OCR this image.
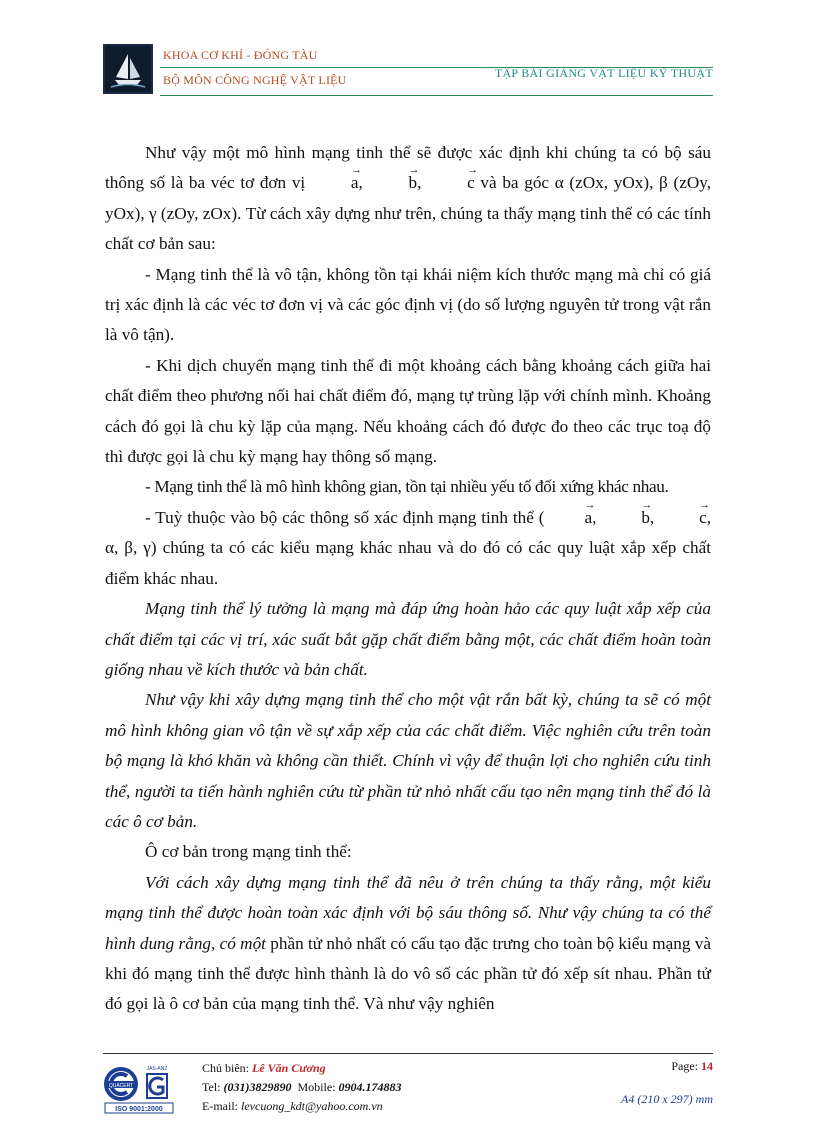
KHOA CƠ KHÍ - ĐÓNG TÀU
BỘ MÔN CÔNG NGHỆ VẬT LIỆU	TẬP BÀI GIẢNG VẬT LIỆU KỸ THUẬT

Như vậy một mô hình mạng tinh thể sẽ được xác định khi chúng ta có bộ sáu thông số là ba véc tơ đơn vị → a, → b, → c và ba góc α (zOx, yOx), β (zOy, yOx), γ (zOy, zOx). Từ cách xây dựng như trên, chúng ta thấy mạng tinh thể có các tính chất cơ bản sau:

- Mạng tinh thể là vô tận, không tồn tại khái niệm kích thước mạng mà chỉ có giá trị xác định là các véc tơ đơn vị và các góc định vị (do số lượng nguyên tử trong vật rắn là vô tận).

- Khi dịch chuyển mạng tinh thể đi một khoảng cách bằng khoảng cách giữa hai chất điểm theo phương nối hai chất điểm đó, mạng tự trùng lặp với chính mình. Khoảng cách đó gọi là chu kỳ lặp của mạng. Nếu khoảng cách đó được đo theo các trục toạ độ thì được gọi là chu kỳ mạng hay thông số mạng.

- Mạng tinh thể là mô hình không gian, tồn tại nhiều yếu tố đối xứng khác nhau.

- Tuỳ thuộc vào bộ các thông số xác định mạng tinh thể (→ a, → b, → c, α, β, γ) chúng ta có các kiểu mạng khác nhau và do đó có các quy luật xắp xếp chất điểm khác nhau.

Mạng tinh thể lý tưởng là mạng mà đáp ứng hoàn hảo các quy luật xắp xếp của chất điểm tại các vị trí, xác suất bắt gặp chất điểm bằng một, các chất điểm hoàn toàn giống nhau về kích thước và bản chất.

Như vậy khi xây dựng mạng tinh thể cho một vật rắn bất kỳ, chúng ta sẽ có một mô hình không gian vô tận về sự xắp xếp của các chất điểm. Việc nghiên cứu trên toàn bộ mạng là khó khăn và không cần thiết. Chính vì vậy để thuận lợi cho nghiên cứu tinh thể, người ta tiến hành nghiên cứu từ phần tử nhỏ nhất cấu tạo nên mạng tinh thể đó là các ô cơ bản.

Ô cơ bản trong mạng tinh thể:

Với cách xây dựng mạng tinh thể đã nêu ở trên chúng ta thấy rằng, một kiểu mạng tinh thể được hoàn toàn xác định với bộ sáu thông số. Như vậy chúng ta có thể hình dung rằng, có một phần tử nhỏ nhất có cấu tạo đặc trưng cho toàn bộ kiểu mạng và khi đó mạng tinh thể được hình thành là do vô số các phần tử đó xếp sít nhau. Phần tử đó gọi là ô cơ bản của mạng tinh thể. Và như vậy nghiên

QUACERT
JAS-ANZ
ISO 9001:2000
Chủ biên: Lê Văn Cương
Tel: (031)3829890  Mobile: 0904.174883
E-mail: levcuong_kdt@yahoo.com.vn
Page: 14
A4 (210 x 297) mm
